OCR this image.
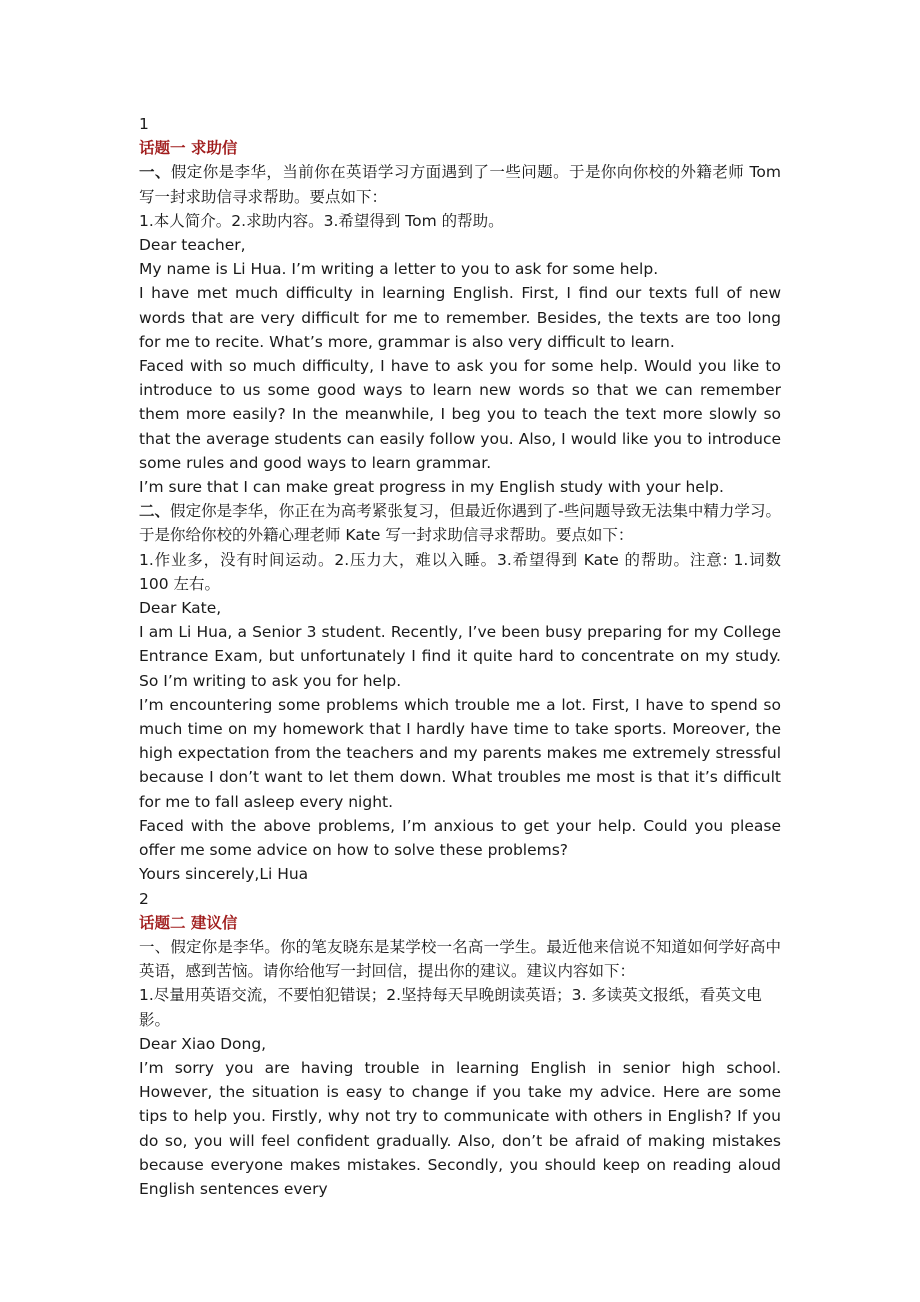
1

话题一 求助信

一、假定你是李华，当前你在英语学习方面遇到了一些问题。于是你向你校的外籍老师 Tom 写一封求助信寻求帮助。要点如下：

1.本人简介。2.求助内容。3.希望得到 Tom 的帮助。

Dear teacher,

My name is Li Hua. I’m writing a letter to you to ask for some help.

I have met much difficulty in learning English. First, I find our texts full of new words that are very difficult for me to remember. Besides, the texts are too long for me to recite. What’s more, grammar is also very difficult to learn.

Faced with so much difficulty, I have to ask you for some help. Would you like to introduce to us some good ways to learn new words so that we can remember them more easily? In the meanwhile, I beg you to teach the text more slowly so that the average students can easily follow you. Also, I would like you to introduce some rules and good ways to learn grammar.

I’m sure that I can make great progress in my English study with your help.

二、假定你是李华，你正在为高考紧张复习，但最近你遇到了-些问题导致无法集中精力学习。于是你给你校的外籍心理老师 Kate 写一封求助信寻求帮助。要点如下：

1.作业多，没有时间运动。2.压力大，难以入睡。3.希望得到 Kate 的帮助。注意: 1.词数 100 左右。

Dear Kate,

I am Li Hua, a Senior 3 student. Recently, I’ve been busy preparing for my College Entrance Exam, but unfortunately I find it quite hard to concentrate on my study. So I’m writing to ask you for help.

I’m encountering some problems which trouble me a lot. First, I have to spend so much time on my homework that I hardly have time to take sports. Moreover, the high expectation from the teachers and my parents makes me extremely stressful because I don’t want to let them down. What troubles me most is that it’s difficult for me to fall asleep every night.

Faced with the above problems, I’m anxious to get your help. Could you please offer me some advice on how to solve these problems?

Yours sincerely,Li Hua

2

话题二 建议信

一、假定你是李华。你的笔友晓东是某学校一名高一学生。最近他来信说不知道如何学好高中英语，感到苦恼。请你给他写一封回信，提出你的建议。建议内容如下：

1.尽量用英语交流，不要怕犯错误；2.坚持每天早晚朗读英语；3. 多读英文报纸，看英文电影。

Dear Xiao Dong,

I’m sorry you are having trouble in learning English in senior high school. However, the situation is easy to change if you take my advice. Here are some tips to help you. Firstly, why not try to communicate with others in English? If you do so, you will feel confident gradually. Also, don’t be afraid of making mistakes because everyone makes mistakes. Secondly, you should keep on reading aloud English sentences every
